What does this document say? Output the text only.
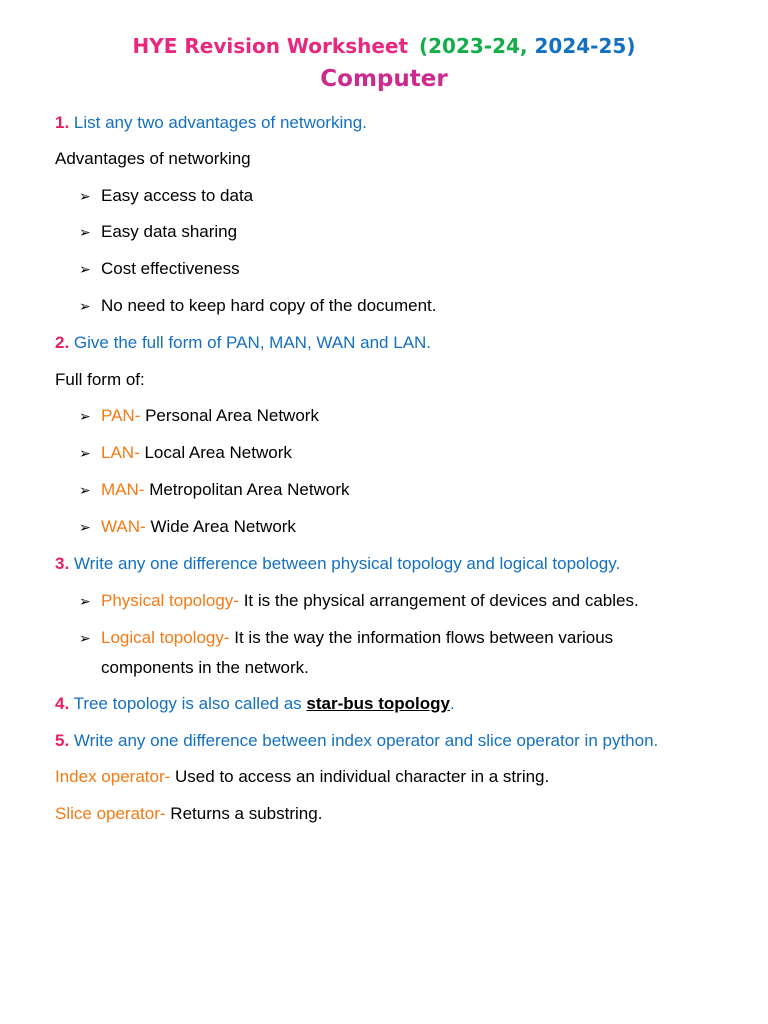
HYE Revision Worksheet (2023-24, 2024-25)
Computer
1. List any two advantages of networking.
Advantages of networking
➢ Easy access to data
➢ Easy data sharing
➢ Cost effectiveness
➢ No need to keep hard copy of the document.
2. Give the full form of PAN, MAN, WAN and LAN.
Full form of:
➢ PAN- Personal Area Network
➢ LAN- Local Area Network
➢ MAN- Metropolitan Area Network
➢ WAN- Wide Area Network
3. Write any one difference between physical topology and logical topology.
➢ Physical topology- It is the physical arrangement of devices and cables.
➢ Logical topology- It is the way the information flows between various
components in the network.
4. Tree topology is also called as star-bus topology.
5. Write any one difference between index operator and slice operator in python.
Index operator- Used to access an individual character in a string.
Slice operator- Returns a substring.
